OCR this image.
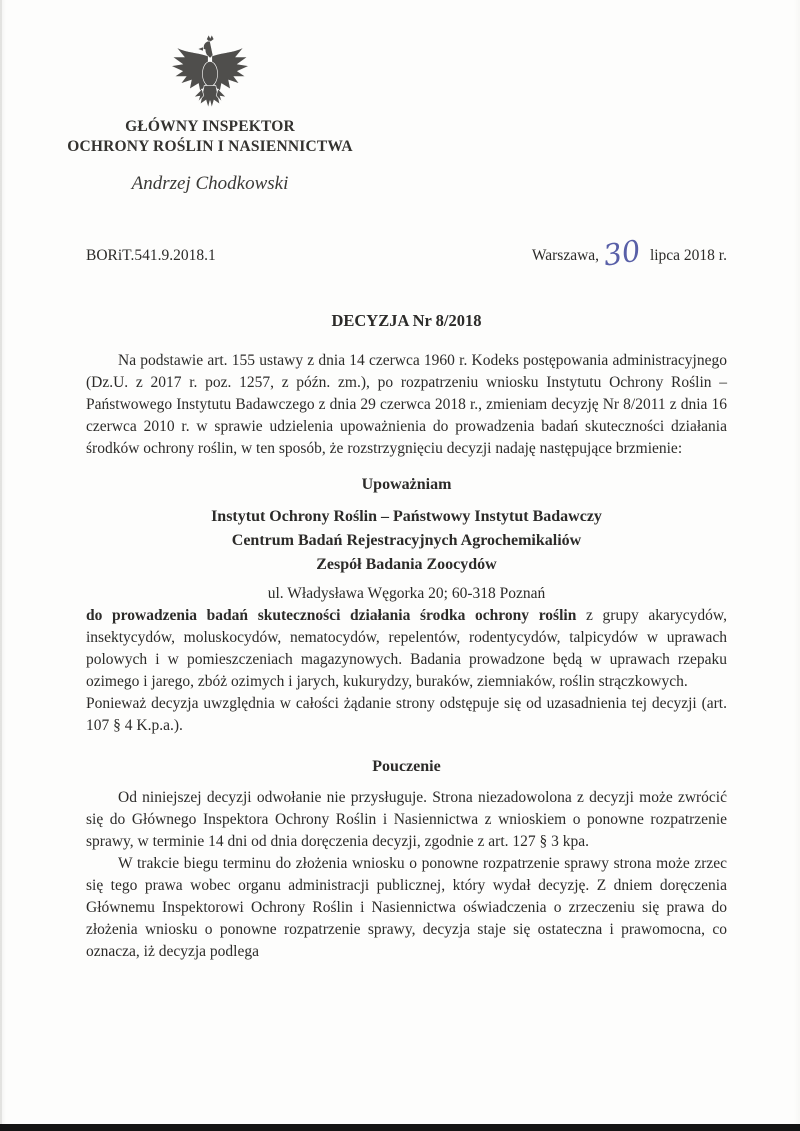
GŁÓWNY INSPEKTOR
OCHRONY ROŚLIN I NASIENNICTWA
Andrzej Chodkowski
BORiT.541.9.2018.1	Warszawa, 30 lipca 2018 r.
DECYZJA Nr 8/2018

Na podstawie art. 155 ustawy z dnia 14 czerwca 1960 r. Kodeks postępowania administracyjnego (Dz.U. z 2017 r. poz. 1257, z późn. zm.), po rozpatrzeniu wniosku Instytutu Ochrony Roślin – Państwowego Instytutu Badawczego z dnia 29 czerwca 2018 r., zmieniam decyzję Nr 8/2011 z dnia 16 czerwca 2010 r. w sprawie udzielenia upoważnienia do prowadzenia badań skuteczności działania środków ochrony roślin, w ten sposób, że rozstrzygnięciu decyzji nadaję następujące brzmienie:

Upoważniam
Instytut Ochrony Roślin – Państwowy Instytut Badawczy
Centrum Badań Rejestracyjnych Agrochemikaliów
Zespół Badania Zoocydów
ul. Władysława Węgorka 20; 60-318 Poznań

do prowadzenia badań skuteczności działania środka ochrony roślin z grupy akarycydów, insektycydów, moluskocydów, nematocydów, repelentów, rodentycydów, talpicydów w uprawach polowych i w pomieszczeniach magazynowych. Badania prowadzone będą w uprawach rzepaku ozimego i jarego, zbóż ozimych i jarych, kukurydzy, buraków, ziemniaków, roślin strączkowych.

Ponieważ decyzja uwzględnia w całości żądanie strony odstępuje się od uzasadnienia tej decyzji (art. 107 § 4 K.p.a.).

Pouczenie

Od niniejszej decyzji odwołanie nie przysługuje. Strona niezadowolona z decyzji może zwrócić się do Głównego Inspektora Ochrony Roślin i Nasiennictwa z wnioskiem o ponowne rozpatrzenie sprawy, w terminie 14 dni od dnia doręczenia decyzji, zgodnie z art. 127 § 3 kpa.

W trakcie biegu terminu do złożenia wniosku o ponowne rozpatrzenie sprawy strona może zrzec się tego prawa wobec organu administracji publicznej, który wydał decyzję. Z dniem doręczenia Głównemu Inspektorowi Ochrony Roślin i Nasiennictwa oświadczenia o zrzeczeniu się prawa do złożenia wniosku o ponowne rozpatrzenie sprawy, decyzja staje się ostateczna i prawomocna, co oznacza, iż decyzja podlega
